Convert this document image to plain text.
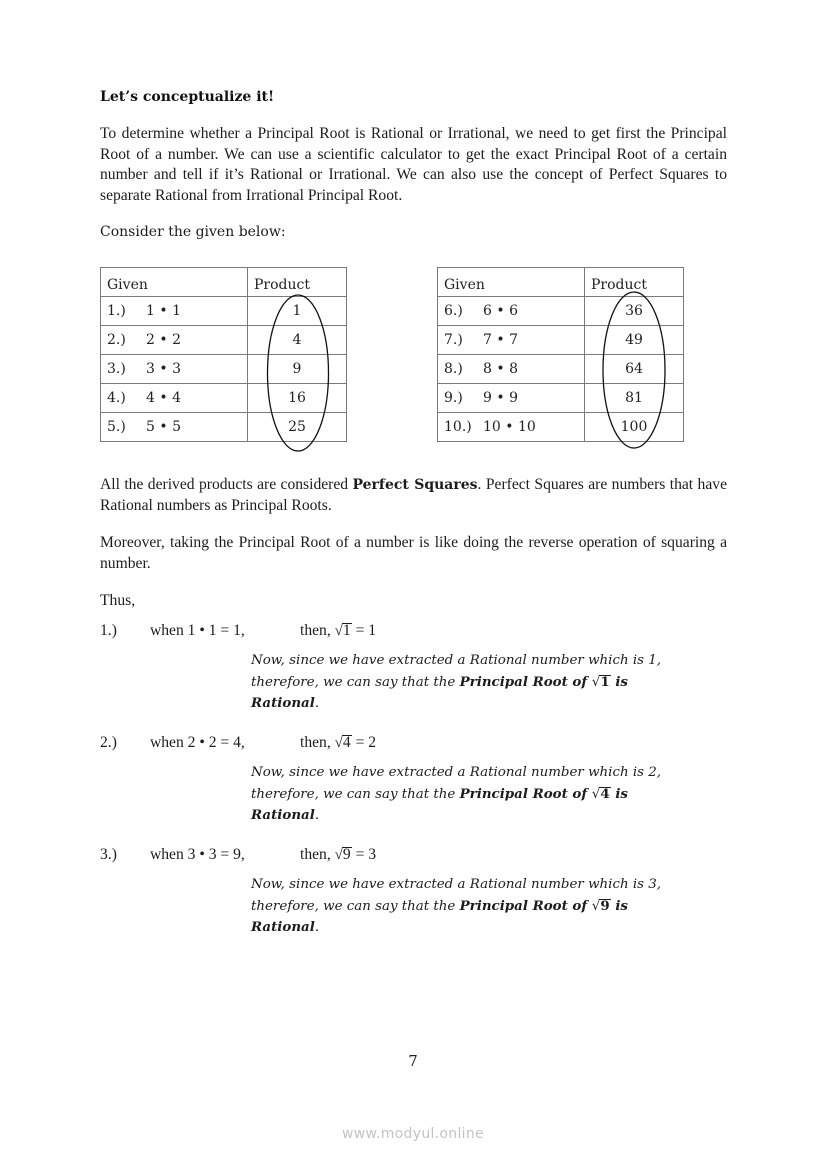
Let’s conceptualize it!
To determine whether a Principal Root is Rational or Irrational, we need to get first the Principal Root of a number. We can use a scientific calculator to get the exact Principal Root of a certain number and tell if it’s Rational or Irrational. We can also use the concept of Perfect Squares to separate Rational from Irrational Principal Root.
Consider the given below:
Given	Product
1.) 1 • 1	1
2.) 2 • 2	4
3.) 3 • 3	9
4.) 4 • 4	16
5.) 5 • 5	25
Given	Product
6.) 6 • 6	36
7.) 7 • 7	49
8.) 8 • 8	64
9.) 9 • 9	81
10.) 10 • 10	100
All the derived products are considered Perfect Squares. Perfect Squares are numbers that have Rational numbers as Principal Roots.
Moreover, taking the Principal Root of a number is like doing the reverse operation of squaring a number.
Thus,
1.) when 1 • 1 = 1,	then, √1 = 1
Now, since we have extracted a Rational number which is 1,
therefore, we can say that the Principal Root of √1 is
Rational.
2.) when 2 • 2 = 4,	then, √4 = 2
Now, since we have extracted a Rational number which is 2,
therefore, we can say that the Principal Root of √4 is
Rational.
3.) when 3 • 3 = 9,	then, √9 = 3
Now, since we have extracted a Rational number which is 3,
therefore, we can say that the Principal Root of √9 is
Rational.
7
www.modyul.online
